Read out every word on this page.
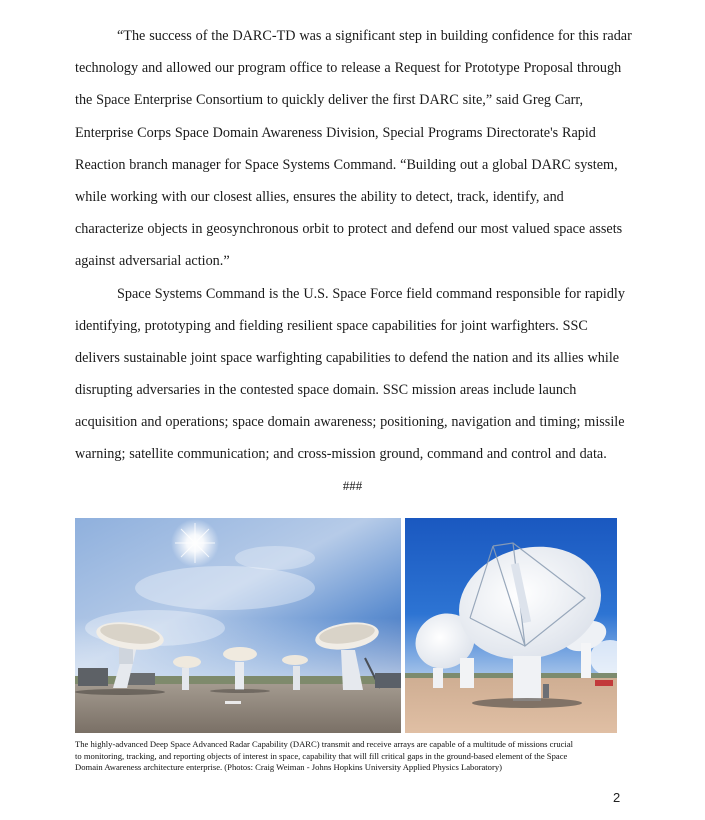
“The success of the DARC-TD was a significant step in building confidence for this radar
technology and allowed our program office to release a Request for Prototype Proposal through
the Space Enterprise Consortium to quickly deliver the first DARC site,” said Greg Carr,
Enterprise Corps Space Domain Awareness Division, Special Programs Directorate's Rapid
Reaction branch manager for Space Systems Command. “Building out a global DARC system,
while working with our closest allies, ensures the ability to detect, track, identify, and
characterize objects in geosynchronous orbit to protect and defend our most valued space assets
against adversarial action.”

Space Systems Command is the U.S. Space Force field command responsible for rapidly
identifying, prototyping and fielding resilient space capabilities for joint warfighters. SSC
delivers sustainable joint space warfighting capabilities to defend the nation and its allies while
disrupting adversaries in the contested space domain. SSC mission areas include launch
acquisition and operations; space domain awareness; positioning, navigation and timing; missile
warning; satellite communication; and cross-mission ground, command and control and data.

###
The highly-advanced Deep Space Advanced Radar Capability (DARC) transmit and receive arrays are capable of a multitude of missions crucial
to monitoring, tracking, and reporting objects of interest in space, capability that will fill critical gaps in the ground-based element of the Space
Domain Awareness architecture enterprise. (Photos: Craig Weiman - Johns Hopkins University Applied Physics Laboratory)
2
